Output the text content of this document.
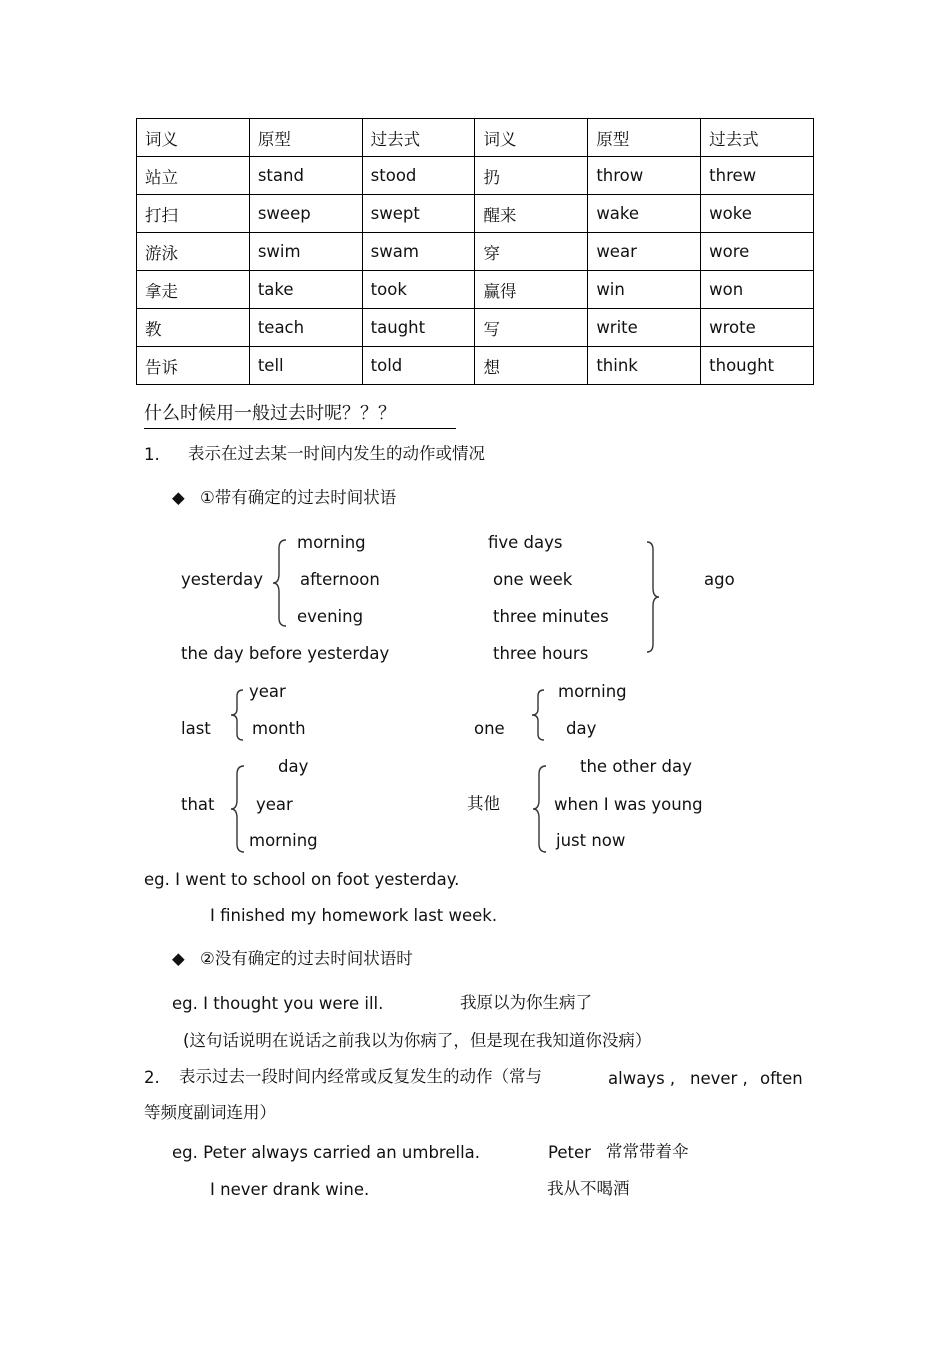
词义	原型	过去式	词义	原型	过去式
站立	stand	stood	扔	throw	threw
打扫	sweep	swept	醒来	wake	woke
游泳	swim	swam	穿	wear	wore
拿走	take	took	赢得	win	won
教	teach	taught	写	write	wrote
告诉	tell	told	想	think	thought
什么时候用一般过去时呢？？？
1. 表示在过去某一时间内发生的动作或情况
◆ ①带有确定的过去时间状语
yesterday
morning
afternoon
evening
five days
one week
three minutes
three hours
ago
the day before yesterday
last
year
month	one
morning
day
that
day
year
morning
其他
the other day
when I was young
just now
eg. I went to school on foot yesterday.
I finished my homework last week.
◆ ②没有确定的过去时间状语时
eg. I thought you were ill.	我原以为你生病了
(这句话说明在说话之前我以为你病了，但是现在我知道你没病）
2. 表示过去一段时间内经常或反复发生的动作（常与	always , never , often
等频度副词连用）
eg. Peter always carried an umbrella.	Peter 常常带着伞
I never drank wine.	我从不喝酒
